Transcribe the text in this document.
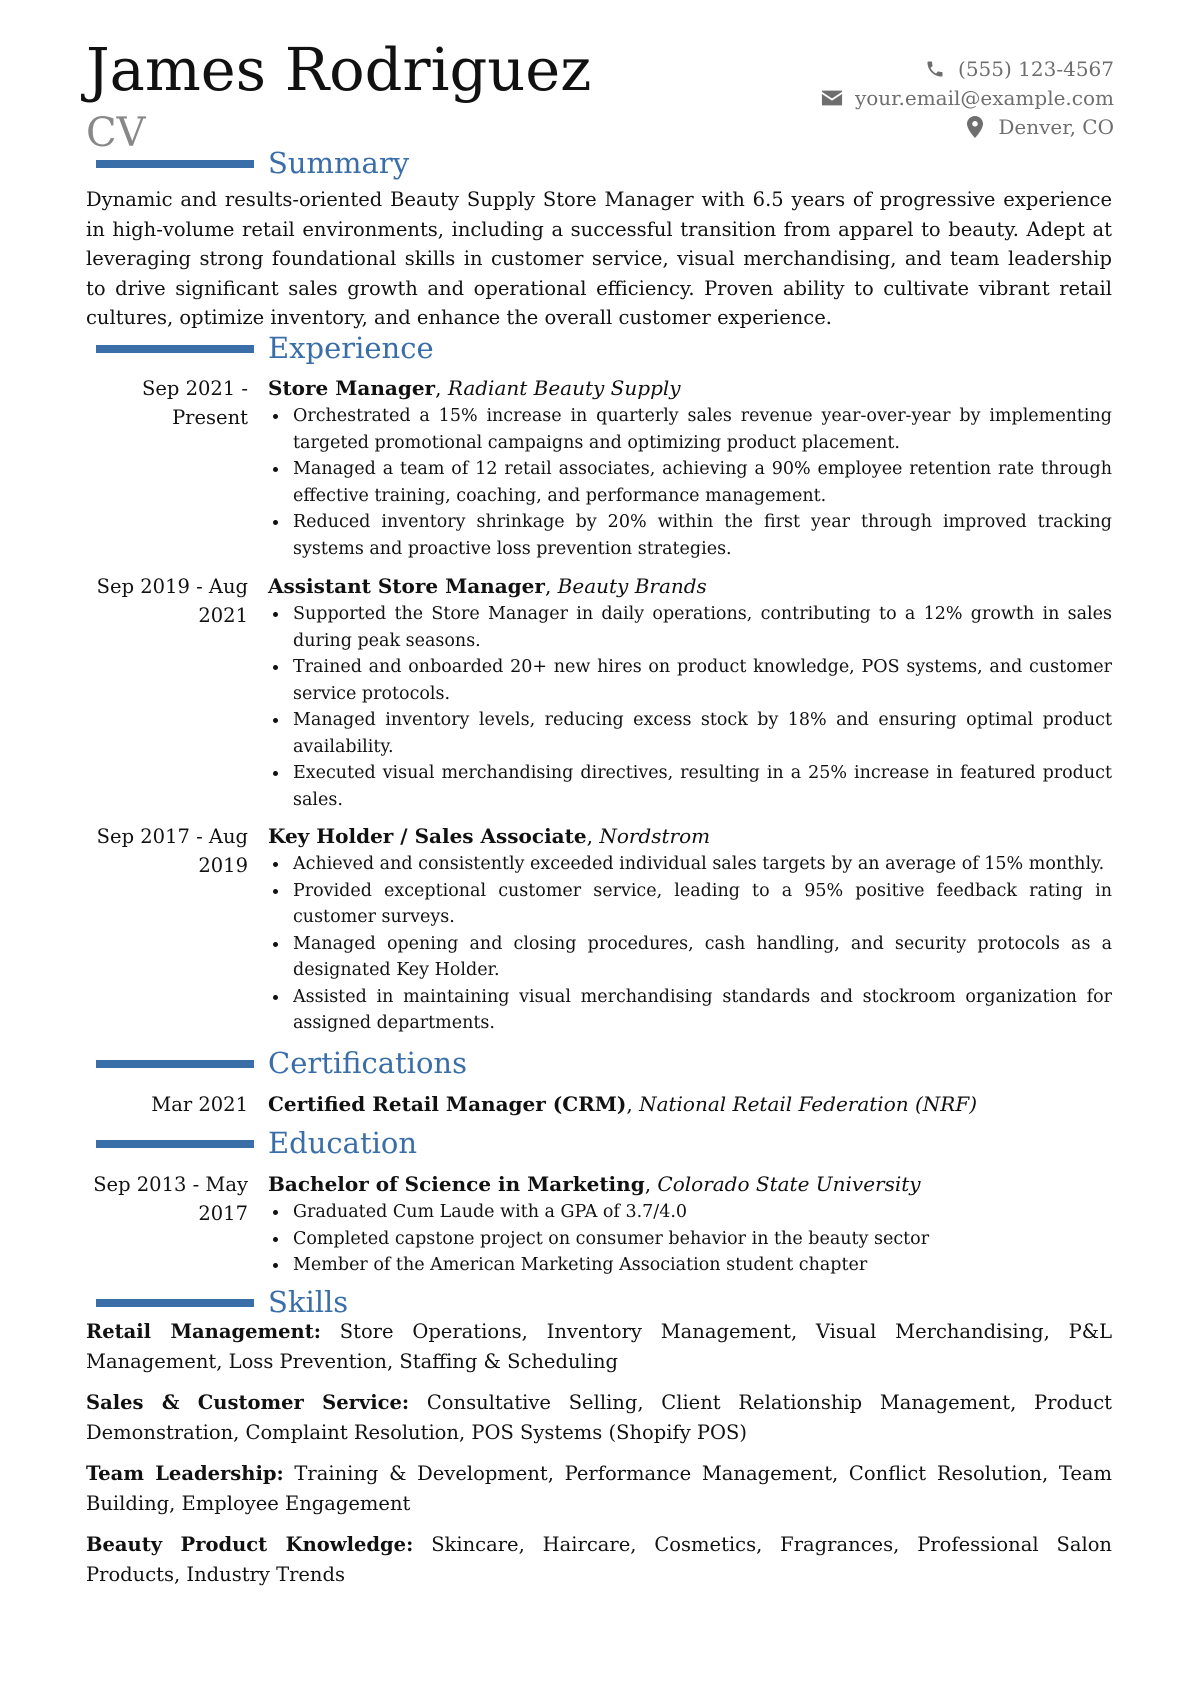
James Rodriguez
CV
(555) 123-4567
your.email@example.com
Denver, CO
Summary
Dynamic and results-oriented Beauty Supply Store Manager with 6.5 years of progressive experience in high-volume retail environments, including a successful transition from apparel to beauty. Adept at leveraging strong foundational skills in customer service, visual merchandising, and team leadership to drive significant sales growth and operational efficiency. Proven ability to cultivate vibrant retail cultures, optimize inventory, and enhance the overall customer experience.
Experience
Sep 2021 - Present
Store Manager, Radiant Beauty Supply
Orchestrated a 15% increase in quarterly sales revenue year-over-year by implementing targeted promotional campaigns and optimizing product placement.
Managed a team of 12 retail associates, achieving a 90% employee retention rate through effective training, coaching, and performance management.
Reduced inventory shrinkage by 20% within the first year through improved tracking systems and proactive loss prevention strategies.
Sep 2019 - Aug 2021
Assistant Store Manager, Beauty Brands
Supported the Store Manager in daily operations, contributing to a 12% growth in sales during peak seasons.
Trained and onboarded 20+ new hires on product knowledge, POS systems, and customer service protocols.
Managed inventory levels, reducing excess stock by 18% and ensuring optimal product availability.
Executed visual merchandising directives, resulting in a 25% increase in featured product sales.
Sep 2017 - Aug 2019
Key Holder / Sales Associate, Nordstrom
Achieved and consistently exceeded individual sales targets by an average of 15% monthly.
Provided exceptional customer service, leading to a 95% positive feedback rating in customer surveys.
Managed opening and closing procedures, cash handling, and security protocols as a designated Key Holder.
Assisted in maintaining visual merchandising standards and stockroom organization for assigned departments.
Certifications
Mar 2021 Certified Retail Manager (CRM), National Retail Federation (NRF)
Education
Sep 2013 - May 2017
Bachelor of Science in Marketing, Colorado State University
Graduated Cum Laude with a GPA of 3.7/4.0
Completed capstone project on consumer behavior in the beauty sector
Member of the American Marketing Association student chapter
Skills
Retail Management: Store Operations, Inventory Management, Visual Merchandising, P&L Management, Loss Prevention, Staffing & Scheduling
Sales & Customer Service: Consultative Selling, Client Relationship Management, Product Demonstration, Complaint Resolution, POS Systems (Shopify POS)
Team Leadership: Training & Development, Performance Management, Conflict Resolution, Team Building, Employee Engagement
Beauty Product Knowledge: Skincare, Haircare, Cosmetics, Fragrances, Professional Salon Products, Industry Trends
